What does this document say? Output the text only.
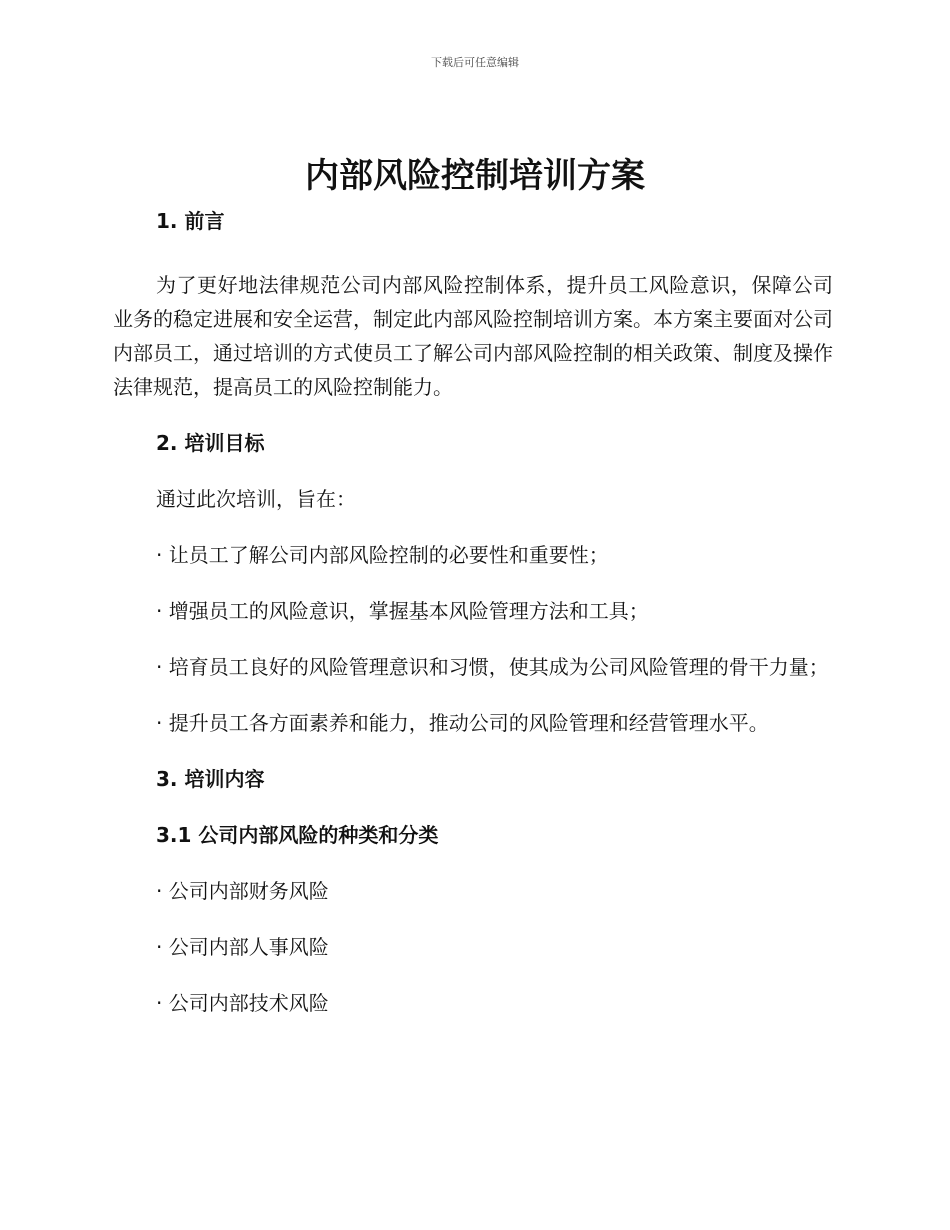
下载后可任意编辑
内部风险控制培训方案
1. 前言

为了更好地法律规范公司内部风险控制体系，提升员工风险意识，保障公司业务的稳定进展和安全运营，制定此内部风险控制培训方案。本方案主要面对公司内部员工，通过培训的方式使员工了解公司内部风险控制的相关政策、制度及操作法律规范，提高员工的风险控制能力。

2. 培训目标

通过此次培训，旨在：

· 让员工了解公司内部风险控制的必要性和重要性；

· 增强员工的风险意识，掌握基本风险管理方法和工具；

· 培育员工良好的风险管理意识和习惯，使其成为公司风险管理的骨干力量；

· 提升员工各方面素养和能力，推动公司的风险管理和经营管理水平。

3. 培训内容
3.1 公司内部风险的种类和分类

· 公司内部财务风险

· 公司内部人事风险

· 公司内部技术风险
